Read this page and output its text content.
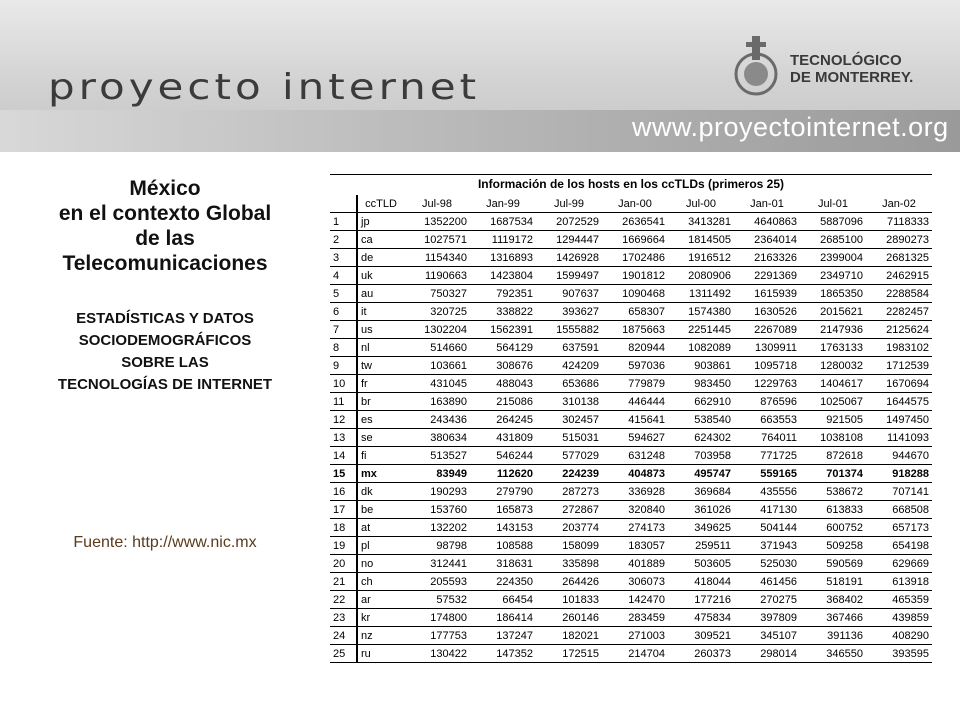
proyecto internet
TECNOLÓGICO
DE MONTERREY.
www.proyectointernet.org
México
en el contexto Global
de las
Telecomunicaciones
ESTADÍSTICAS Y DATOS
SOCIODEMOGRÁFICOS
SOBRE LAS
TECNOLOGÍAS DE INTERNET
Fuente: http://www.nic.mx
Información de los hosts en los ccTLDs (primeros 25)
	ccTLD	Jul-98	Jan-99	Jul-99	Jan-00	Jul-00	Jan-01	Jul-01	Jan-02
1	jp	1352200	1687534	2072529	2636541	3413281	4640863	5887096	7118333
2	ca	1027571	1119172	1294447	1669664	1814505	2364014	2685100	2890273
3	de	1154340	1316893	1426928	1702486	1916512	2163326	2399004	2681325
4	uk	1190663	1423804	1599497	1901812	2080906	2291369	2349710	2462915
5	au	750327	792351	907637	1090468	1311492	1615939	1865350	2288584
6	it	320725	338822	393627	658307	1574380	1630526	2015621	2282457
7	us	1302204	1562391	1555882	1875663	2251445	2267089	2147936	2125624
8	nl	514660	564129	637591	820944	1082089	1309911	1763133	1983102
9	tw	103661	308676	424209	597036	903861	1095718	1280032	1712539
10	fr	431045	488043	653686	779879	983450	1229763	1404617	1670694
11	br	163890	215086	310138	446444	662910	876596	1025067	1644575
12	es	243436	264245	302457	415641	538540	663553	921505	1497450
13	se	380634	431809	515031	594627	624302	764011	1038108	1141093
14	fi	513527	546244	577029	631248	703958	771725	872618	944670
15	mx	83949	112620	224239	404873	495747	559165	701374	918288
16	dk	190293	279790	287273	336928	369684	435556	538672	707141
17	be	153760	165873	272867	320840	361026	417130	613833	668508
18	at	132202	143153	203774	274173	349625	504144	600752	657173
19	pl	98798	108588	158099	183057	259511	371943	509258	654198
20	no	312441	318631	335898	401889	503605	525030	590569	629669
21	ch	205593	224350	264426	306073	418044	461456	518191	613918
22	ar	57532	66454	101833	142470	177216	270275	368402	465359
23	kr	174800	186414	260146	283459	475834	397809	367466	439859
24	nz	177753	137247	182021	271003	309521	345107	391136	408290
25	ru	130422	147352	172515	214704	260373	298014	346550	393595
